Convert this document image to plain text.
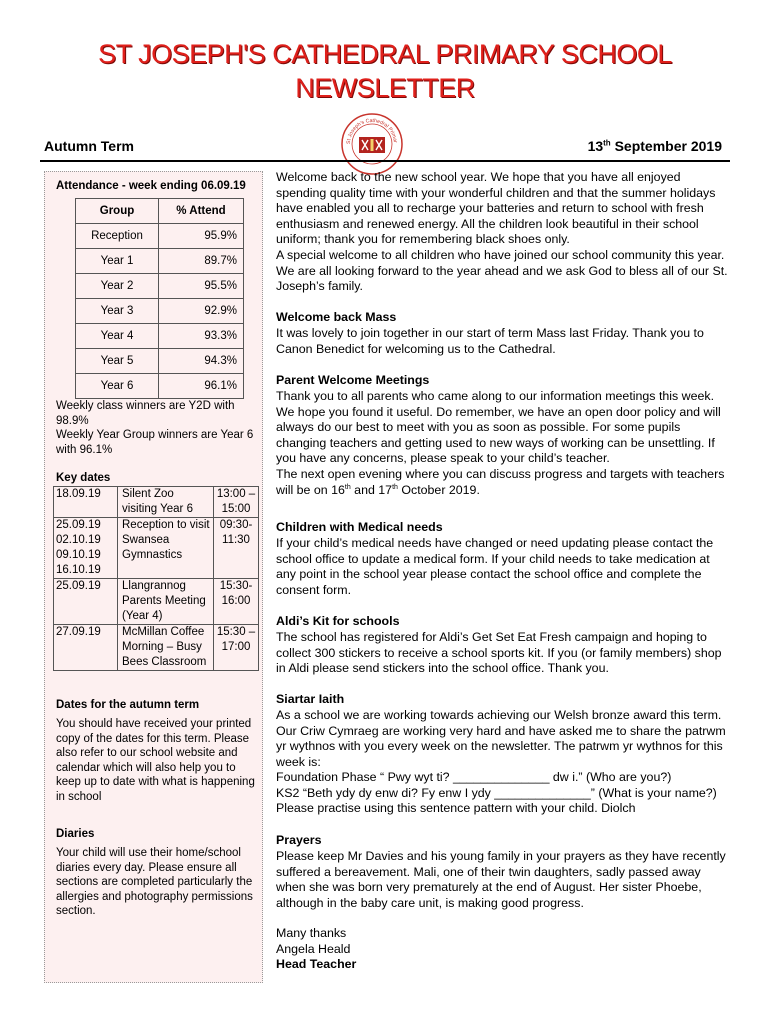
ST JOSEPH'S CATHEDRAL PRIMARY SCHOOL
NEWSLETTER
St Joseph's Cathedral Primar
Autumn Term	13th September 2019
Attendance - week ending 06.09.19
Group	% Attend
Reception	95.9%
Year 1	89.7%
Year 2	95.5%
Year 3	92.9%
Year 4	93.3%
Year 5	94.3%
Year 6	96.1%
Weekly class winners are Y2D with 98.9%
Weekly Year Group winners are Year 6 with 96.1%
Key dates
18.09.19	Silent Zoo visiting Year 6	13:00 – 15:00
25.09.19 02.10.19 09.10.19 16.10.19	Reception to visit Swansea Gymnastics	09:30-11:30
25.09.19	Llangrannog Parents Meeting (Year 4)	15:30-16:00
27.09.19	McMillan Coffee Morning – Busy Bees Classroom	15:30 – 17:00
Dates for the autumn term
You should have received your printed copy of the dates for this term. Please also refer to our school website and calendar which will also help you to keep up to date with what is happening in school
Diaries
Your child will use their home/school diaries every day. Please ensure all sections are completed particularly the allergies and photography permissions section.
Welcome back to the new school year. We hope that you have all enjoyed spending quality time with your wonderful children and that the summer holidays have enabled you all to recharge your batteries and return to school with fresh enthusiasm and renewed energy. All the children look beautiful in their school uniform; thank you for remembering black shoes only.
A special welcome to all children who have joined our school community this year. We are all looking forward to the year ahead and we ask God to bless all of our St. Joseph’s family.
Welcome back Mass
It was lovely to join together in our start of term Mass last Friday. Thank you to Canon Benedict for welcoming us to the Cathedral.
Parent Welcome Meetings
Thank you to all parents who came along to our information meetings this week. We hope you found it useful. Do remember, we have an open door policy and will always do our best to meet with you as soon as possible. For some pupils changing teachers and getting used to new ways of working can be unsettling. If you have any concerns, please speak to your child’s teacher.
The next open evening where you can discuss progress and targets with teachers will be on 16th and 17th October 2019.
Children with Medical needs
If your child’s medical needs have changed or need updating please contact the school office to update a medical form. If your child needs to take medication at any point in the school year please contact the school office and complete the consent form.
Aldi’s Kit for schools
The school has registered for Aldi’s Get Set Eat Fresh campaign and hoping to collect 300 stickers to receive a school sports kit. If you (or family members) shop in Aldi please send stickers into the school office. Thank you.
Siartar Iaith
As a school we are working towards achieving our Welsh bronze award this term. Our Criw Cymraeg are working very hard and have asked me to share the patrwm yr wythnos with you every week on the newsletter. The patrwm yr wythnos for this week is:
Foundation Phase “ Pwy wyt ti? ______________ dw i.” (Who are you?)
KS2 “Beth ydy dy enw di? Fy enw I ydy ______________” (What is your name?)
Please practise using this sentence pattern with your child. Diolch
Prayers
Please keep Mr Davies and his young family in your prayers as they have recently suffered a bereavement. Mali, one of their twin daughters, sadly passed away when she was born very prematurely at the end of August. Her sister Phoebe, although in the baby care unit, is making good progress.
Many thanks
Angela Heald
Head Teacher
